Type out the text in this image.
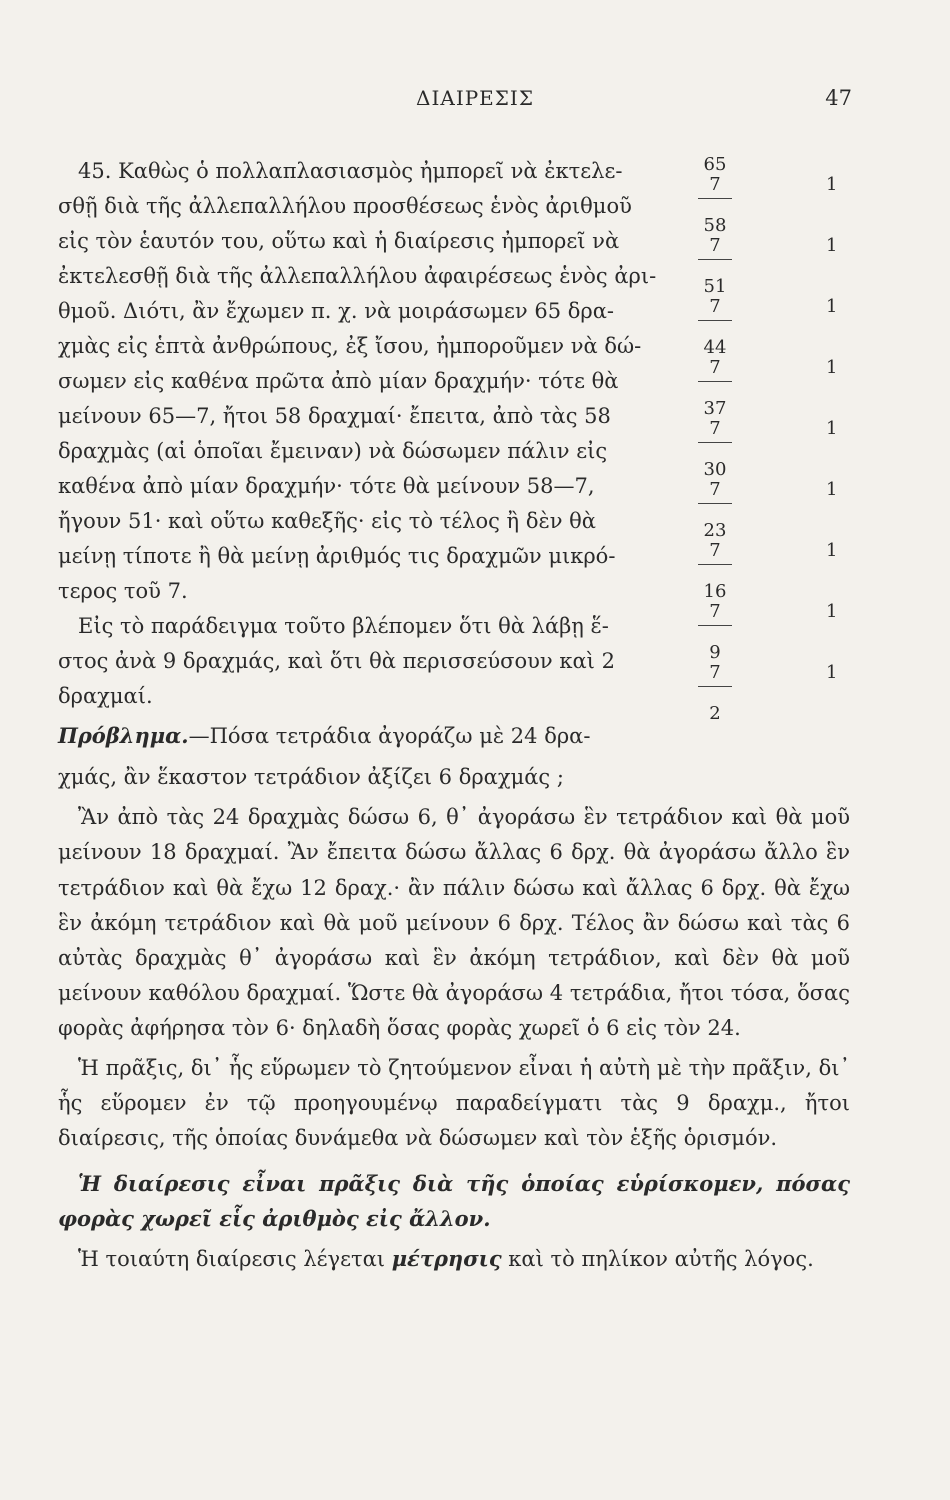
ΔΙΑΙΡΕΣΙΣ	47

45. Καθὼς ὁ πολλαπλασιασμὸς ἠμπορεῖ νὰ ἐκτελε-

σθῇ διὰ τῆς ἀλλεπαλλήλου προσθέσεως ἑνὸς ἀριθμοῦ

εἰς τὸν ἑαυτόν του, οὕτω καὶ ἡ διαίρεσις ἠμπορεῖ νὰ

ἐκτελεσθῇ διὰ τῆς ἀλλεπαλλήλου ἀφαιρέσεως ἑνὸς ἀρι-

θμοῦ. Διότι, ἂν ἔχωμεν π. χ. νὰ μοιράσωμεν 65 δρα-

χμὰς εἰς ἑπτὰ ἀνθρώπους, ἐξ ἴσου, ἠμποροῦμεν νὰ δώ-

σωμεν εἰς καθένα πρῶτα ἀπὸ μίαν δραχμήν· τότε θὰ

μείνουν 65—7, ἤτοι 58 δραχμαί· ἔπειτα, ἀπὸ τὰς 58

δραχμὰς (αἱ ὁποῖαι ἔμειναν) νὰ δώσωμεν πάλιν εἰς

καθένα ἀπὸ μίαν δραχμήν· τότε θὰ μείνουν 58—7,

ἤγουν 51· καὶ οὕτω καθεξῆς· εἰς τὸ τέλος ἢ δὲν θὰ

μείνῃ τίποτε ἢ θὰ μείνῃ ἀριθμός τις δραχμῶν μικρό-

τερος τοῦ 7.

Εἰς τὸ παράδειγμα τοῦτο βλέπομεν ὅτι θὰ λάβῃ ἕ-

στος ἀνὰ 9 δραχμάς, καὶ ὅτι θὰ περισσεύσουν καὶ 2

δραχμαί.

Πρόβλημα.—Πόσα τετράδια ἀγοράζω μὲ 24 δρα-

χμάς, ἂν ἕκαστον τετράδιον ἀξίζει 6 δραχμάς ;

Ἂν ἀπὸ τὰς 24 δραχμὰς δώσω 6, θ᾽ ἀγοράσω ἓν τετράδιον καὶ θὰ μοῦ μείνουν 18 δραχμαί. Ἂν ἔπειτα δώσω ἄλλας 6 δρχ. θὰ ἀγοράσω ἄλλο ἓν τετράδιον καὶ θὰ ἔχω 12 δραχ.· ἂν πάλιν δώσω καὶ ἄλλας 6 δρχ. θὰ ἔχω ἓν ἀκόμη τετράδιον καὶ θὰ μοῦ μείνουν 6 δρχ. Τέλος ἂν δώσω καὶ τὰς 6 αὐτὰς δραχμὰς θ᾽ ἀγοράσω καὶ ἓν ἀκόμη τετράδιον, καὶ δὲν θὰ μοῦ μείνουν καθόλου δραχμαί. Ὥστε θὰ ἀγοράσω 4 τετράδια, ἤτοι τόσα, ὅσας φορὰς ἀφήρησα τὸν 6· δηλαδὴ ὅσας φορὰς χωρεῖ ὁ 6 εἰς τὸν 24.

Ἡ πρᾶξις, δι᾽ ἧς εὕρωμεν τὸ ζητούμενον εἶναι ἡ αὐτὴ μὲ τὴν πρᾶξιν, δι᾽ ἧς εὕρομεν ἐν τῷ προηγουμένῳ παραδείγματι τὰς 9 δραχμ., ἤτοι διαίρεσις, τῆς ὁποίας δυνάμεθα νὰ δώσωμεν καὶ τὸν ἑξῆς ὁρισμόν.

Ἡ διαίρεσις εἶναι πρᾶξις διὰ τῆς ὁποίας εὑρίσκομεν, πόσας φορὰς χωρεῖ εἷς ἀριθμὸς εἰς ἄλλον.

Ἡ τοιαύτη διαίρεσις λέγεται μέτρησις καὶ τὸ πηλίκον αὐτῆς λόγος.

65
7	1
58
7	1
51
7	1
44
7	1
37
7	1
30
7	1
23
7	1
16
7	1
9
7	1
2
